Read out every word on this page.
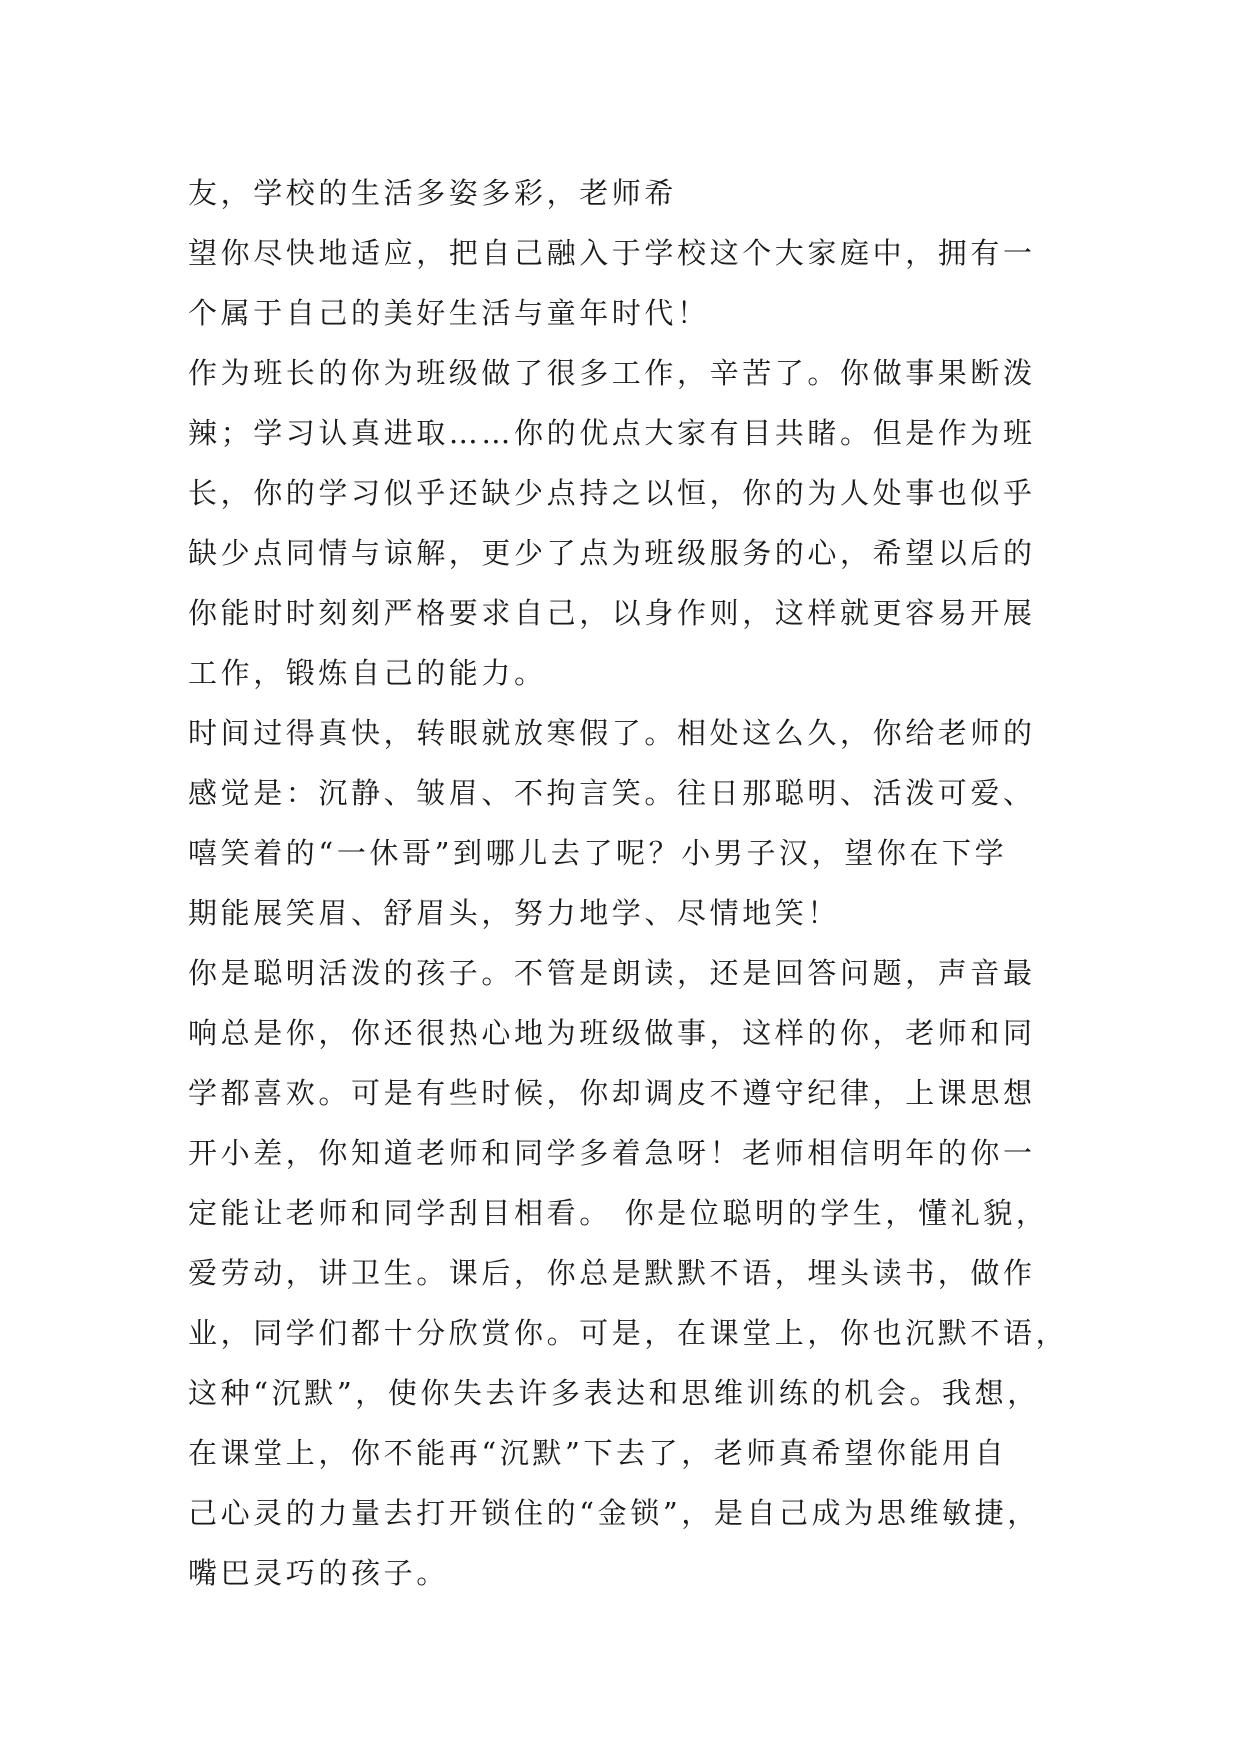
友，学校的生活多姿多彩，老师希
望你尽快地适应，把自己融入于学校这个大家庭中，拥有一
个属于自己的美好生活与童年时代！
作为班长的你为班级做了很多工作，辛苦了。你做事果断泼
辣；学习认真进取……你的优点大家有目共睹。但是作为班
长，你的学习似乎还缺少点持之以恒，你的为人处事也似乎
缺少点同情与谅解，更少了点为班级服务的心，希望以后的
你能时时刻刻严格要求自己，以身作则，这样就更容易开展
工作，锻炼自己的能力。
时间过得真快，转眼就放寒假了。相处这么久，你给老师的
感觉是：沉静、皱眉、不拘言笑。往日那聪明、活泼可爱、
嘻笑着的“一休哥”到哪儿去了呢？小男子汉，望你在下学
期能展笑眉、舒眉头，努力地学、尽情地笑！
你是聪明活泼的孩子。不管是朗读，还是回答问题，声音最
响总是你，你还很热心地为班级做事，这样的你，老师和同
学都喜欢。可是有些时候，你却调皮不遵守纪律，上课思想
开小差，你知道老师和同学多着急呀！老师相信明年的你一
定能让老师和同学刮目相看。 你是位聪明的学生，懂礼貌，
爱劳动，讲卫生。课后，你总是默默不语，埋头读书，做作
业，同学们都十分欣赏你。可是，在课堂上，你也沉默不语，
这种“沉默”，使你失去许多表达和思维训练的机会。我想，
在课堂上，你不能再“沉默”下去了，老师真希望你能用自
己心灵的力量去打开锁住的“金锁”，是自己成为思维敏捷，
嘴巴灵巧的孩子。
